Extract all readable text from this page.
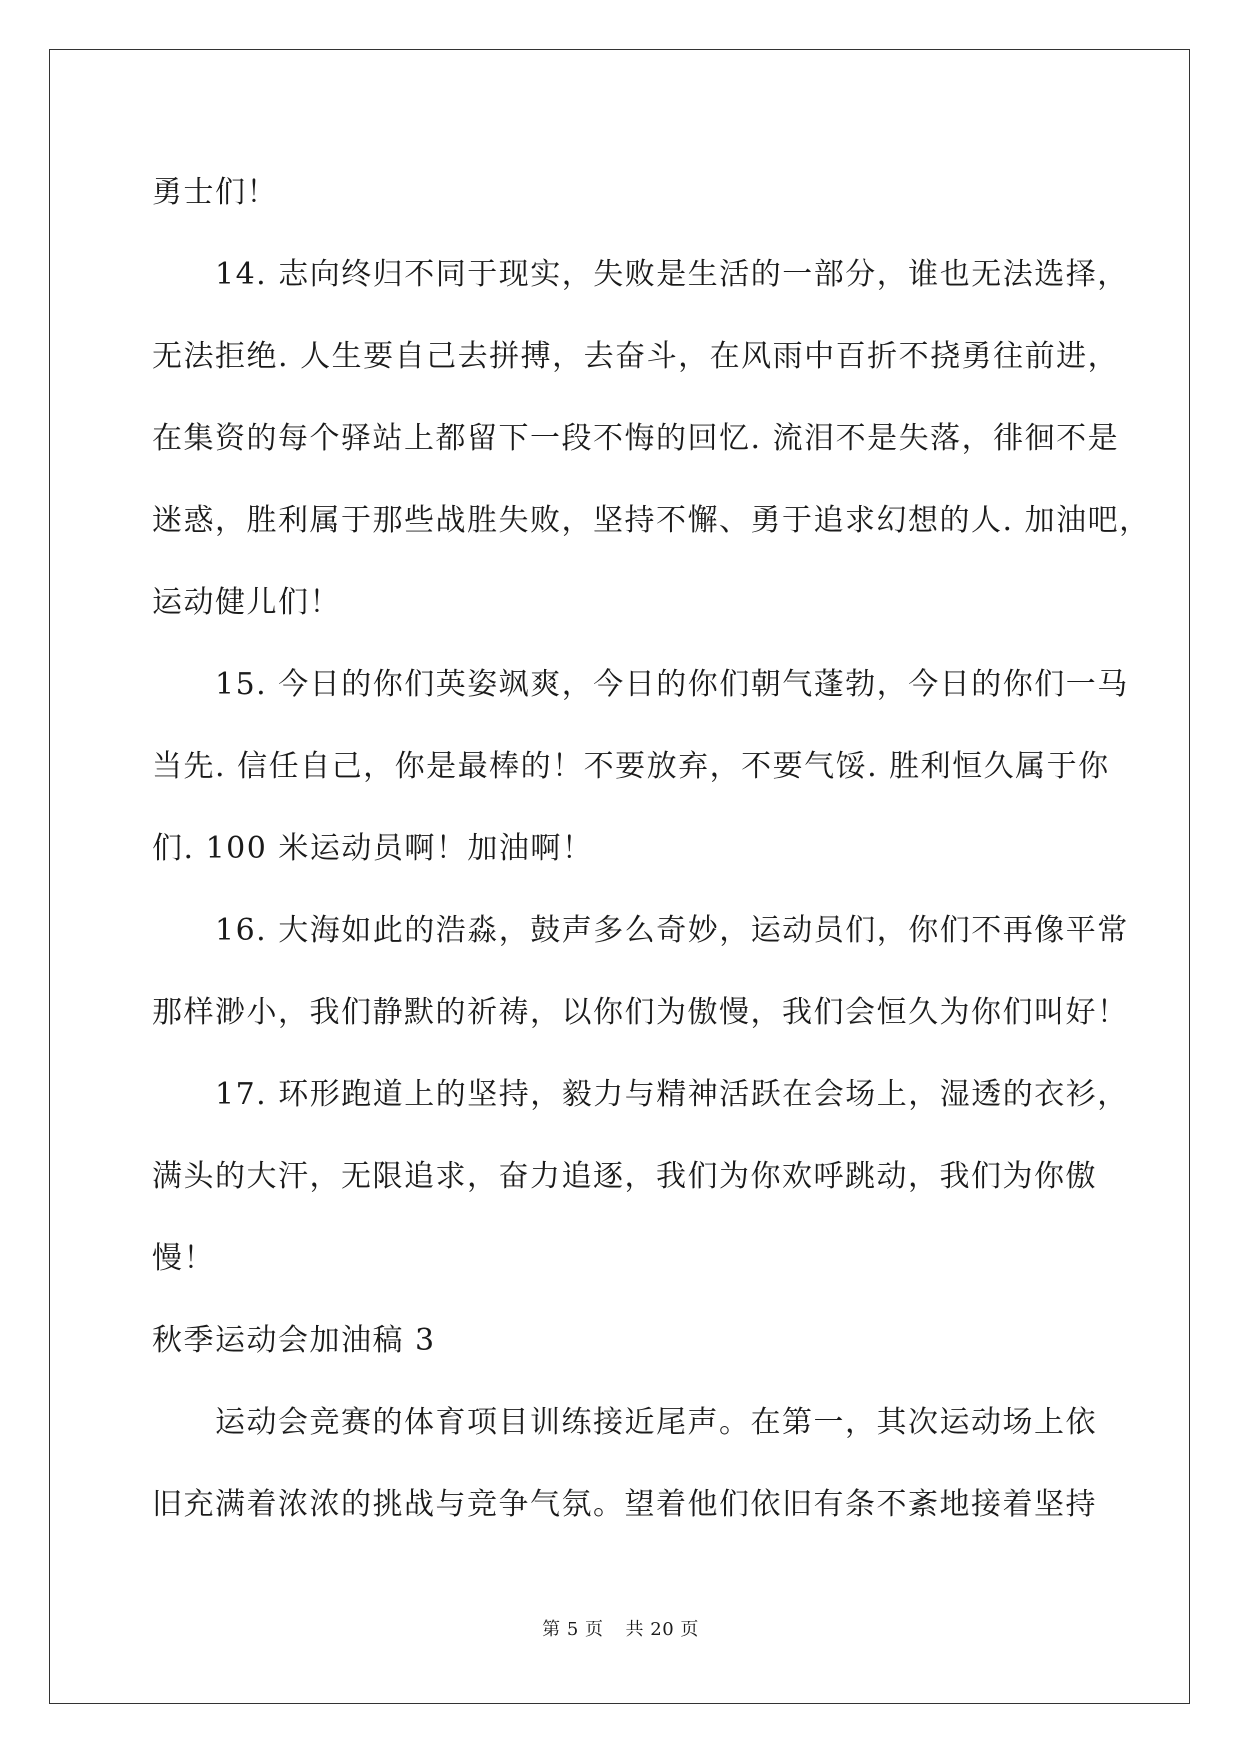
勇士们！
14. 志向终归不同于现实，失败是生活的一部分，谁也无法选择，
无法拒绝. 人生要自己去拼搏，去奋斗，在风雨中百折不挠勇往前进，
在集资的每个驿站上都留下一段不悔的回忆. 流泪不是失落，徘徊不是
迷惑，胜利属于那些战胜失败，坚持不懈、勇于追求幻想的人. 加油吧，
运动健儿们！
15. 今日的你们英姿飒爽，今日的你们朝气蓬勃，今日的你们一马
当先. 信任自己，你是最棒的！不要放弃，不要气馁. 胜利恒久属于你
们. 100 米运动员啊！加油啊！
16. 大海如此的浩淼，鼓声多么奇妙，运动员们，你们不再像平常
那样渺小，我们静默的祈祷，以你们为傲慢，我们会恒久为你们叫好！
17. 环形跑道上的坚持，毅力与精神活跃在会场上，湿透的衣衫，
满头的大汗，无限追求，奋力追逐，我们为你欢呼跳动，我们为你傲
慢！
秋季运动会加油稿 3
运动会竞赛的体育项目训练接近尾声。在第一，其次运动场上依
旧充满着浓浓的挑战与竞争气氛。望着他们依旧有条不紊地接着坚持
第 5 页 共 20 页
